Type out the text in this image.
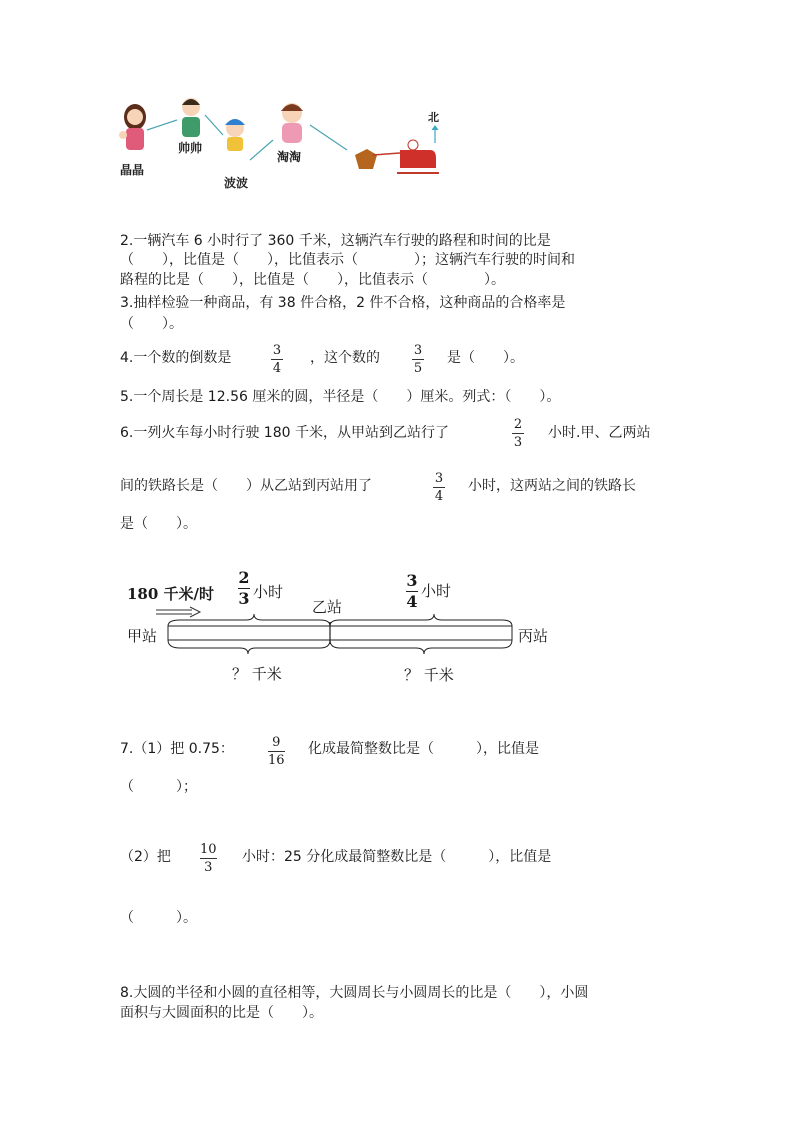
北
晶晶
帅帅
波波
淘淘
2.一辆汽车 6 小时行了 360 千米，这辆汽车行驶的路程和时间的比是
（　　），比值是（　　），比值表示（　　　　）；这辆汽车行驶的时间和
路程的比是（　　），比值是（　　），比值表示（　　　　）。
3.抽样检验一种商品，有 38 件合格，2 件不合格，这种商品的合格率是
（　　）。
4.一个数的倒数是	3
4
，这个数的	3
5
是（　　）。
5.一个周长是 12.56 厘米的圆，半径是（　　）厘米。列式：（　　）。
6.一列火车每小时行驶 180 千米，从甲站到乙站行了
2
3
小时.甲、乙两站
间的铁路长是（　　）从乙站到丙站用了	3
4
小时，这两站之间的铁路长
是（　　）。
180 千米/时
2
3 小时
3
4
小时
乙站
甲站	丙站
？ 千米	？ 千米
7.（1）把 0.75：	9
16
化成最简整数比是（　　　），比值是
（　　　）；
（2）把 10
3
小时：25 分化成最简整数比是（　　　），比值是
（　　　）。
8.大圆的半径和小圆的直径相等，大圆周长与小圆周长的比是（　　），小圆
面积与大圆面积的比是（　　）。
